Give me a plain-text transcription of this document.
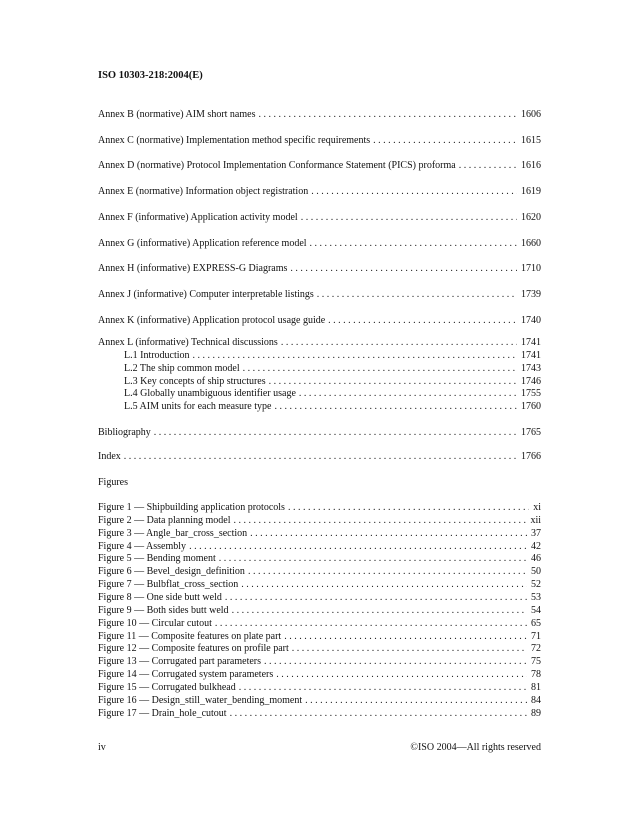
ISO 10303-218:2004(E)
Annex B (normative) AIM short names . . .	1606
Annex C (normative) Implementation method specific requirements . . .	1615
Annex D (normative) Protocol Implementation Conformance Statement (PICS) proforma . . .	1616
Annex E (normative) Information object registration . . .	1619
Annex F (informative) Application activity model . . .	1620
Annex G (informative) Application reference model . . .	1660
Annex H (informative) EXPRESS-G Diagrams . . .	1710
Annex J (informative) Computer interpretable listings . . .	1739
Annex K (informative) Application protocol usage guide . . .	1740
Annex L (informative) Technical discussions . . .	1741
L.1 Introduction . . .	1741
L.2 The ship common model . . .	1743
L.3 Key concepts of ship structures . . .	1746
L.4 Globally unambiguous identifier usage . . .	1755
L.5 AIM units for each measure type . . .	1760
Bibliography . . .	1765
Index . . .	1766
Figures
Figure 1 — Shipbuilding application protocols . . .	xi
Figure 2 — Data planning model . . .	xii
Figure 3 — Angle_bar_cross_section . . .	37
Figure 4 — Assembly . . .	42
Figure 5 — Bending moment . . .	46
Figure 6 — Bevel_design_definition . . .	50
Figure 7 — Bulbflat_cross_section . . .	52
Figure 8 — One side butt weld . . .	53
Figure 9 — Both sides butt weld . . .	54
Figure 10 — Circular cutout . . .	65
Figure 11 — Composite features on plate part . . .	71
Figure 12 — Composite features on profile part . . .	72
Figure 13 — Corrugated part parameters . . .	75
Figure 14 — Corrugated system parameters . . .	78
Figure 15 — Corrugated bulkhead . . .	81
Figure 16 — Design_still_water_bending_moment . . .	84
Figure 17 — Drain_hole_cutout . . .	89
iv	©ISO 2004—All rights reserved
